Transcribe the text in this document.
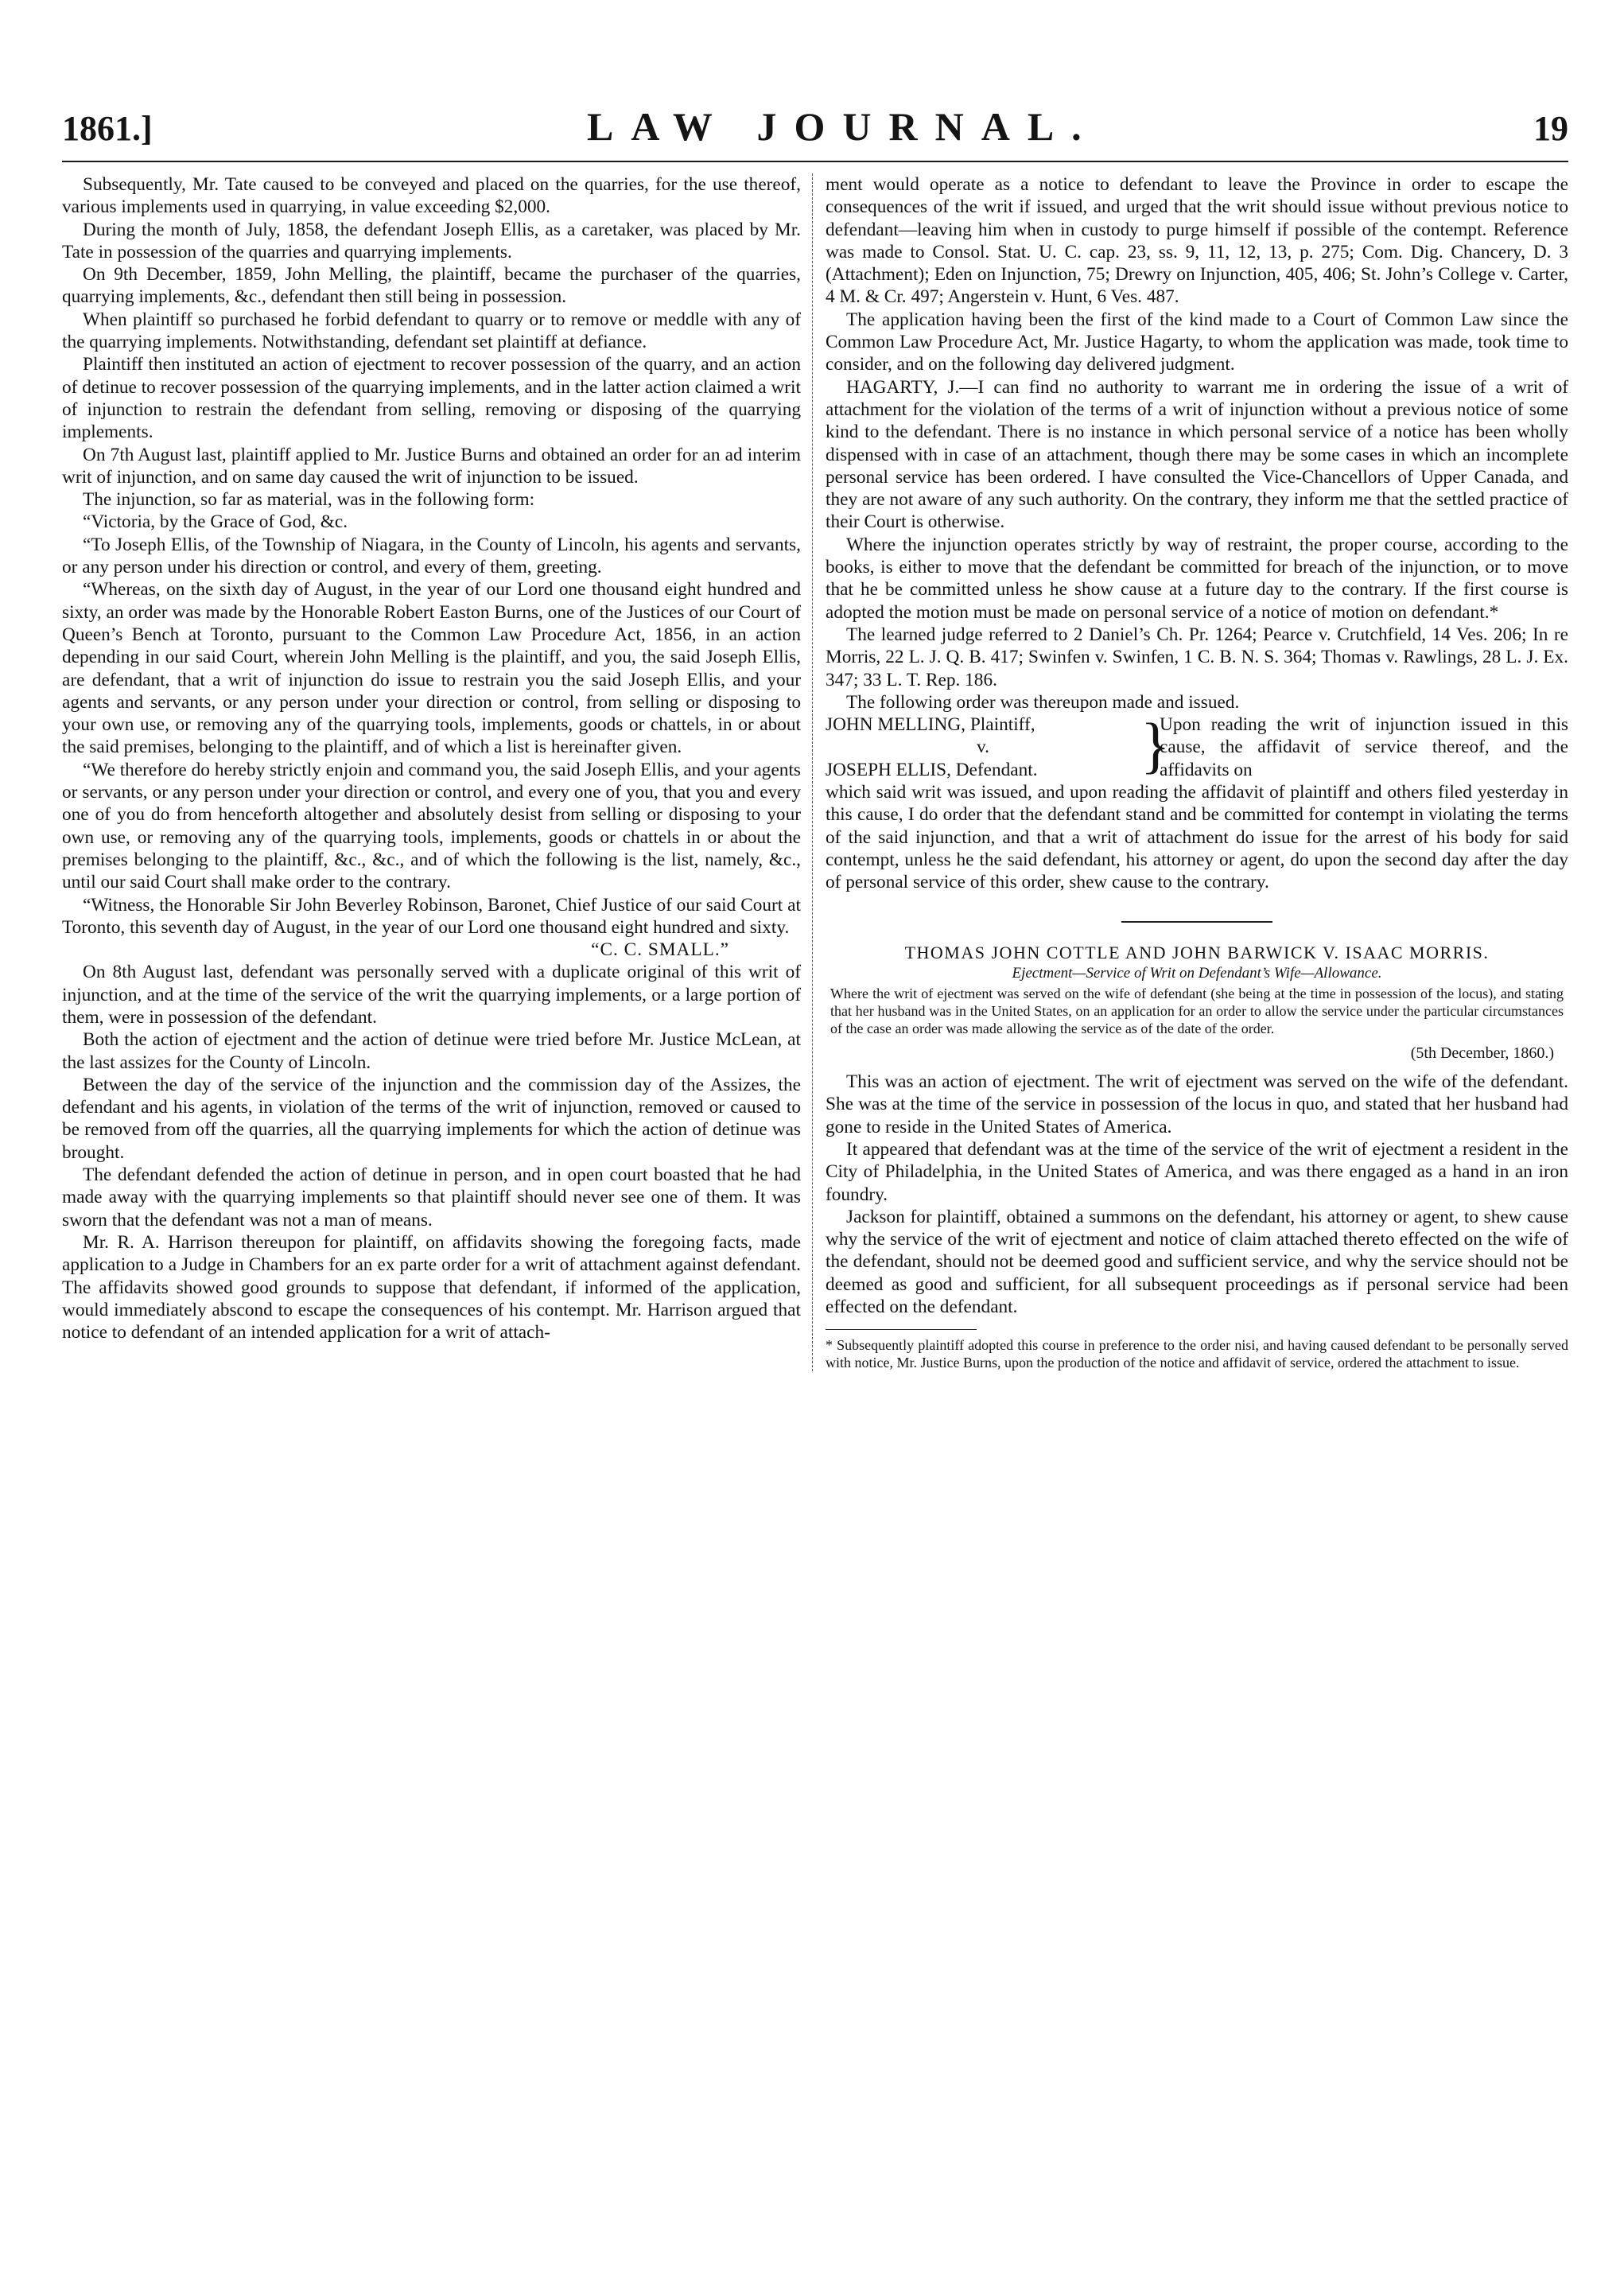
1861.]	LAW JOURNAL.	19

Subsequently, Mr. Tate caused to be conveyed and placed on the quarries, for the use thereof, various implements used in quarrying, in value exceeding $2,000.

During the month of July, 1858, the defendant Joseph Ellis, as a caretaker, was placed by Mr. Tate in possession of the quarries and quarrying implements.

On 9th December, 1859, John Melling, the plaintiff, became the purchaser of the quarries, quarrying implements, &c., defendant then still being in possession.

When plaintiff so purchased he forbid defendant to quarry or to remove or meddle with any of the quarrying implements. Notwithstanding, defendant set plaintiff at defiance.

Plaintiff then instituted an action of ejectment to recover possession of the quarry, and an action of detinue to recover possession of the quarrying implements, and in the latter action claimed a writ of injunction to restrain the defendant from selling, removing or disposing of the quarrying implements.

On 7th August last, plaintiff applied to Mr. Justice Burns and obtained an order for an ad interim writ of injunction, and on same day caused the writ of injunction to be issued.

The injunction, so far as material, was in the following form:

“Victoria, by the Grace of God, &c.

“To Joseph Ellis, of the Township of Niagara, in the County of Lincoln, his agents and servants, or any person under his direction or control, and every of them, greeting.

“Whereas, on the sixth day of August, in the year of our Lord one thousand eight hundred and sixty, an order was made by the Honorable Robert Easton Burns, one of the Justices of our Court of Queen’s Bench at Toronto, pursuant to the Common Law Procedure Act, 1856, in an action depending in our said Court, wherein John Melling is the plaintiff, and you, the said Joseph Ellis, are defendant, that a writ of injunction do issue to restrain you the said Joseph Ellis, and your agents and servants, or any person under your direction or control, from selling or disposing to your own use, or removing any of the quarrying tools, implements, goods or chattels, in or about the said premises, belonging to the plaintiff, and of which a list is hereinafter given.

“We therefore do hereby strictly enjoin and command you, the said Joseph Ellis, and your agents or servants, or any person under your direction or control, and every one of you, that you and every one of you do from henceforth altogether and absolutely desist from selling or disposing to your own use, or removing any of the quarrying tools, implements, goods or chattels in or about the premises belonging to the plaintiff, &c., &c., and of which the following is the list, namely, &c., until our said Court shall make order to the contrary.

“Witness, the Honorable Sir John Beverley Robinson, Baronet, Chief Justice of our said Court at Toronto, this seventh day of August, in the year of our Lord one thousand eight hundred and sixty.

“C. C. SMALL.”

On 8th August last, defendant was personally served with a duplicate original of this writ of injunction, and at the time of the service of the writ the quarrying implements, or a large portion of them, were in possession of the defendant.

Both the action of ejectment and the action of detinue were tried before Mr. Justice McLean, at the last assizes for the County of Lincoln.

Between the day of the service of the injunction and the commission day of the Assizes, the defendant and his agents, in violation of the terms of the writ of injunction, removed or caused to be removed from off the quarries, all the quarrying implements for which the action of detinue was brought.

The defendant defended the action of detinue in person, and in open court boasted that he had made away with the quarrying implements so that plaintiff should never see one of them. It was sworn that the defendant was not a man of means.

Mr. R. A. Harrison thereupon for plaintiff, on affidavits showing the foregoing facts, made application to a Judge in Chambers for an ex parte order for a writ of attachment against defendant. The affidavits showed good grounds to suppose that defendant, if informed of the application, would immediately abscond to escape the consequences of his contempt. Mr. Harrison argued that notice to defendant of an intended application for a writ of attach-

ment would operate as a notice to defendant to leave the Province in order to escape the consequences of the writ if issued, and urged that the writ should issue without previous notice to defendant—leaving him when in custody to purge himself if possible of the contempt. Reference was made to Consol. Stat. U. C. cap. 23, ss. 9, 11, 12, 13, p. 275; Com. Dig. Chancery, D. 3 (Attachment); Eden on Injunction, 75; Drewry on Injunction, 405, 406; St. John’s College v. Carter, 4 M. & Cr. 497; Angerstein v. Hunt, 6 Ves. 487.

The application having been the first of the kind made to a Court of Common Law since the Common Law Procedure Act, Mr. Justice Hagarty, to whom the application was made, took time to consider, and on the following day delivered judgment.

HAGARTY, J.—I can find no authority to warrant me in ordering the issue of a writ of attachment for the violation of the terms of a writ of injunction without a previous notice of some kind to the defendant. There is no instance in which personal service of a notice has been wholly dispensed with in case of an attachment, though there may be some cases in which an incomplete personal service has been ordered. I have consulted the Vice-Chancellors of Upper Canada, and they are not aware of any such authority. On the contrary, they inform me that the settled practice of their Court is otherwise.

Where the injunction operates strictly by way of restraint, the proper course, according to the books, is either to move that the defendant be committed for breach of the injunction, or to move that he be committed unless he show cause at a future day to the contrary. If the first course is adopted the motion must be made on personal service of a notice of motion on defendant.*

The learned judge referred to 2 Daniel’s Ch. Pr. 1264; Pearce v. Crutchfield, 14 Ves. 206; In re Morris, 22 L. J. Q. B. 417; Swinfen v. Swinfen, 1 C. B. N. S. 364; Thomas v. Rawlings, 28 L. J. Ex. 347; 33 L. T. Rep. 186.

The following order was thereupon made and issued.

JOHN MELLING, Plaintiff,
v.
JOSEPH ELLIS, Defendant.	}
Upon reading the writ of injunction issued in this cause, the affidavit of service thereof, and the affidavits on

which said writ was issued, and upon reading the affidavit of plaintiff and others filed yesterday in this cause, I do order that the defendant stand and be committed for contempt in violating the terms of the said injunction, and that a writ of attachment do issue for the arrest of his body for said contempt, unless he the said defendant, his attorney or agent, do upon the second day after the day of personal service of this order, shew cause to the contrary.

THOMAS JOHN COTTLE AND JOHN BARWICK V. ISAAC MORRIS.
Ejectment—Service of Writ on Defendant’s Wife—Allowance.
Where the writ of ejectment was served on the wife of defendant (she being at the time in possession of the locus), and stating that her husband was in the United States, on an application for an order to allow the service under the particular circumstances of the case an order was made allowing the service as of the date of the order.
(5th December, 1860.)

This was an action of ejectment. The writ of ejectment was served on the wife of the defendant. She was at the time of the service in possession of the locus in quo, and stated that her husband had gone to reside in the United States of America.

It appeared that defendant was at the time of the service of the writ of ejectment a resident in the City of Philadelphia, in the United States of America, and was there engaged as a hand in an iron foundry.

Jackson for plaintiff, obtained a summons on the defendant, his attorney or agent, to shew cause why the service of the writ of ejectment and notice of claim attached thereto effected on the wife of the defendant, should not be deemed good and sufficient service, and why the service should not be deemed as good and sufficient, for all subsequent proceedings as if personal service had been effected on the defendant.

* Subsequently plaintiff adopted this course in preference to the order nisi, and having caused defendant to be personally served with notice, Mr. Justice Burns, upon the production of the notice and affidavit of service, ordered the attachment to issue.
